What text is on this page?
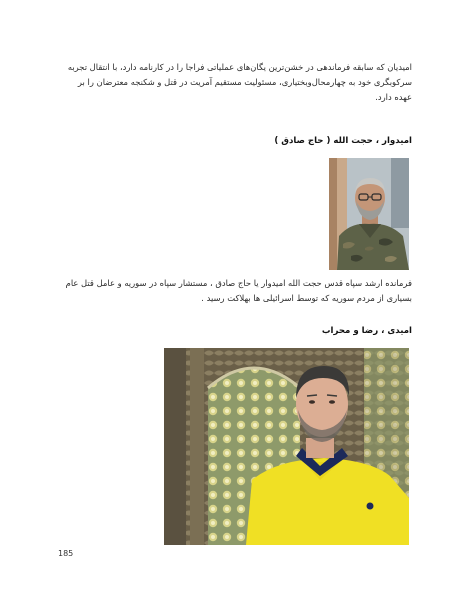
امیدیان که سابقه فرماندهی در خشن‌ترین یگان‌های عملیاتی فراجا را در کارنامه دارد، با انتقال تجربه سرکوبگری خود به چهارمحال‌وبختیاری، مسئولیت مستقیم آمریت در قتل و شکنجه معترضان را بر عهده دارد.

امیدوار ، حجت الله ( حاج صادق )

فرمانده ارشد سپاه قدس حجت الله امیدوار یا حاج صادق ، مستشار سپاه در سوریه و عامل قتل عام بسیاری از مردم سوریه که توسط اسرائیلی ها بهلاکت رسید .

امیدی ، رضا و محراب
185
